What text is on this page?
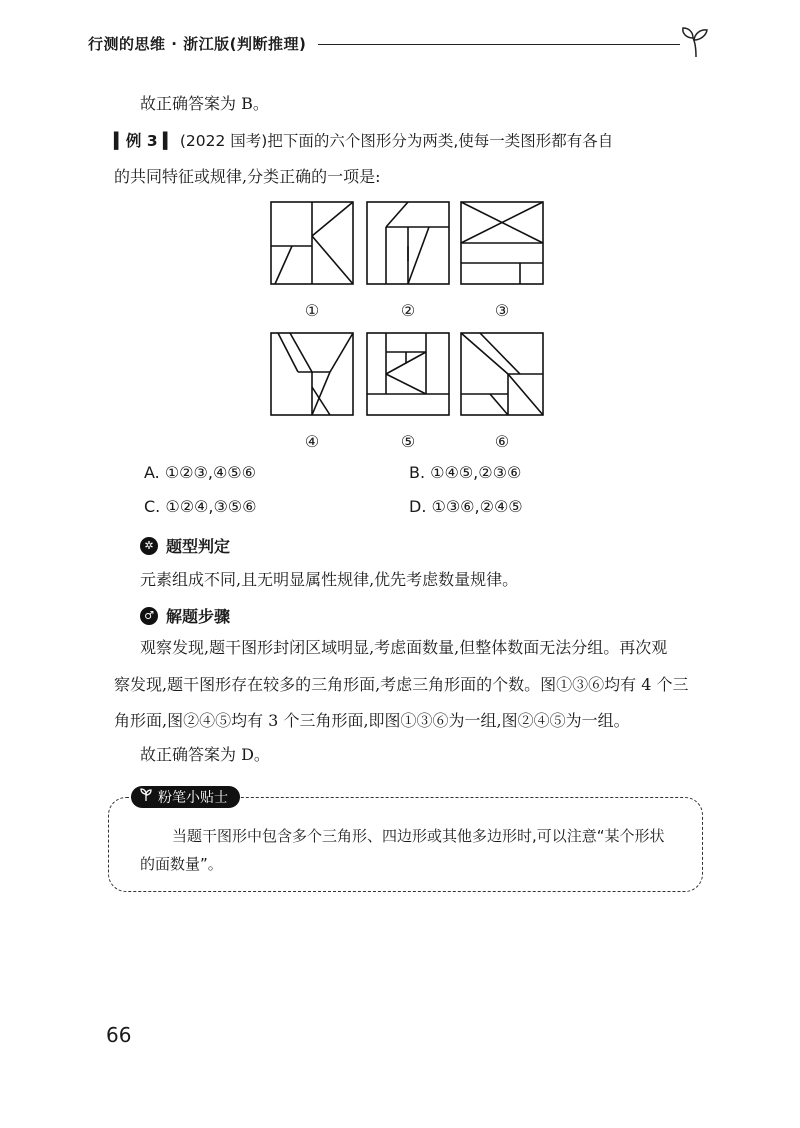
行测的思维 · 浙江版(判断推理)
故正确答案为 B。
▍例 3 ▍ (2022 国考)把下面的六个图形分为两类,使每一类图形都有各自
的共同特征或规律,分类正确的一项是:
①	②	③
④	⑤	⑥
A. ①②③,④⑤⑥	B. ①④⑤,②③⑥
C. ①②④,③⑤⑥	D. ①③⑥,②④⑤
✲ 题型判定
元素组成不同,且无明显属性规律,优先考虑数量规律。
♂ 解题步骤
观察发现,题干图形封闭区域明显,考虑面数量,但整体数面无法分组。再次观
察发现,题干图形存在较多的三角形面,考虑三角形面的个数。图①③⑥均有 4 个三
角形面,图②④⑤均有 3 个三角形面,即图①③⑥为一组,图②④⑤为一组。
故正确答案为 D。
粉笔小贴士
当题干图形中包含多个三角形、四边形或其他多边形时,可以注意“某个形状
的面数量”。
66
